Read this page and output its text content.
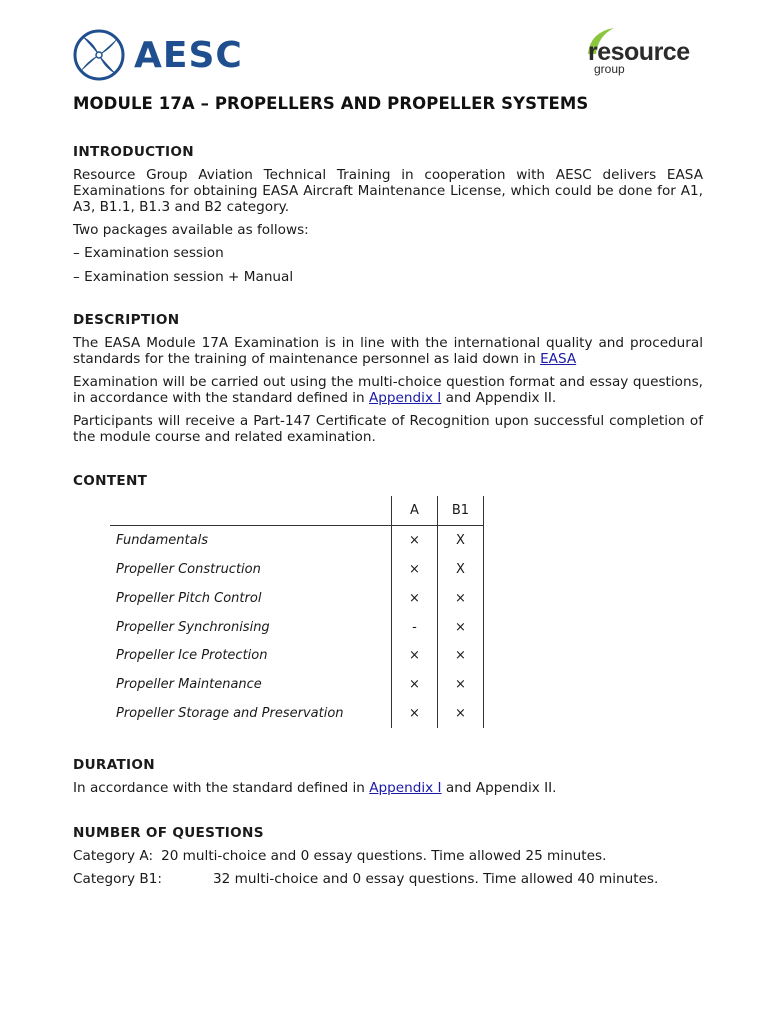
AESC	resource
group
MODULE 17A – PROPELLERS AND PROPELLER SYSTEMS
INTRODUCTION

Resource Group Aviation Technical Training in cooperation with AESC delivers EASA Examinations for obtaining EASA Aircraft Maintenance License, which could be done for A1, A3, B1.1, B1.3 and B2 category.

Two packages available as follows:
– Examination session
– Examination session + Manual
DESCRIPTION

The EASA Module 17A Examination is in line with the international quality and procedural standards for the training of maintenance personnel as laid down in EASA

Examination will be carried out using the multi-choice question format and essay questions, in accordance with the standard defined in Appendix I and Appendix II.

Participants will receive a Part-147 Certificate of Recognition upon successful completion of the module course and related examination.

CONTENT
	A	B1
Fundamentals	×	X
Propeller Construction	×	X
Propeller Pitch Control	×	×
Propeller Synchronising	-	×
Propeller Ice Protection	×	×
Propeller Maintenance	×	×
Propeller Storage and Preservation	×	×
DURATION
In accordance with the standard defined in Appendix I and Appendix II.
NUMBER OF QUESTIONS
Category A: 20 multi-choice and 0 essay questions. Time allowed 25 minutes.
Category B1:	32 multi-choice and 0 essay questions. Time allowed 40 minutes.
